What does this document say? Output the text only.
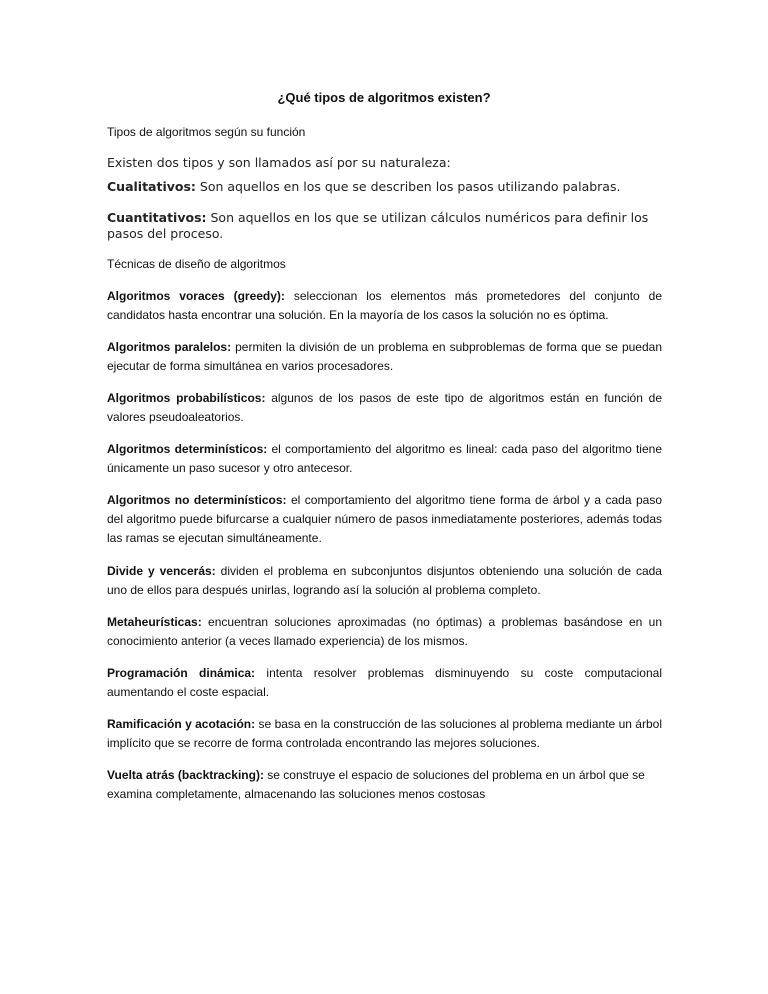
¿Qué tipos de algoritmos existen?
Tipos de algoritmos según su función
Existen dos tipos y son llamados así por su naturaleza:
Cualitativos: Son aquellos en los que se describen los pasos utilizando palabras.
Cuantitativos: Son aquellos en los que se utilizan cálculos numéricos para definir los pasos del proceso.
Técnicas de diseño de algoritmos
Algoritmos voraces (greedy): seleccionan los elementos más prometedores del conjunto de candidatos hasta encontrar una solución. En la mayoría de los casos la solución no es óptima.
Algoritmos paralelos: permiten la división de un problema en subproblemas de forma que se puedan ejecutar de forma simultánea en varios procesadores.
Algoritmos probabilísticos: algunos de los pasos de este tipo de algoritmos están en función de valores pseudoaleatorios.
Algoritmos determinísticos: el comportamiento del algoritmo es lineal: cada paso del algoritmo tiene únicamente un paso sucesor y otro antecesor.
Algoritmos no determinísticos: el comportamiento del algoritmo tiene forma de árbol y a cada paso del algoritmo puede bifurcarse a cualquier número de pasos inmediatamente posteriores, además todas las ramas se ejecutan simultáneamente.
Divide y vencerás: dividen el problema en subconjuntos disjuntos obteniendo una solución de cada uno de ellos para después unirlas, logrando así la solución al problema completo.
Metaheurísticas: encuentran soluciones aproximadas (no óptimas) a problemas basándose en un conocimiento anterior (a veces llamado experiencia) de los mismos.
Programación dinámica: intenta resolver problemas disminuyendo su coste computacional aumentando el coste espacial.
Ramificación y acotación: se basa en la construcción de las soluciones al problema mediante un árbol implícito que se recorre de forma controlada encontrando las mejores soluciones.
Vuelta atrás (backtracking): se construye el espacio de soluciones del problema en un árbol que se examina completamente, almacenando las soluciones menos costosas
